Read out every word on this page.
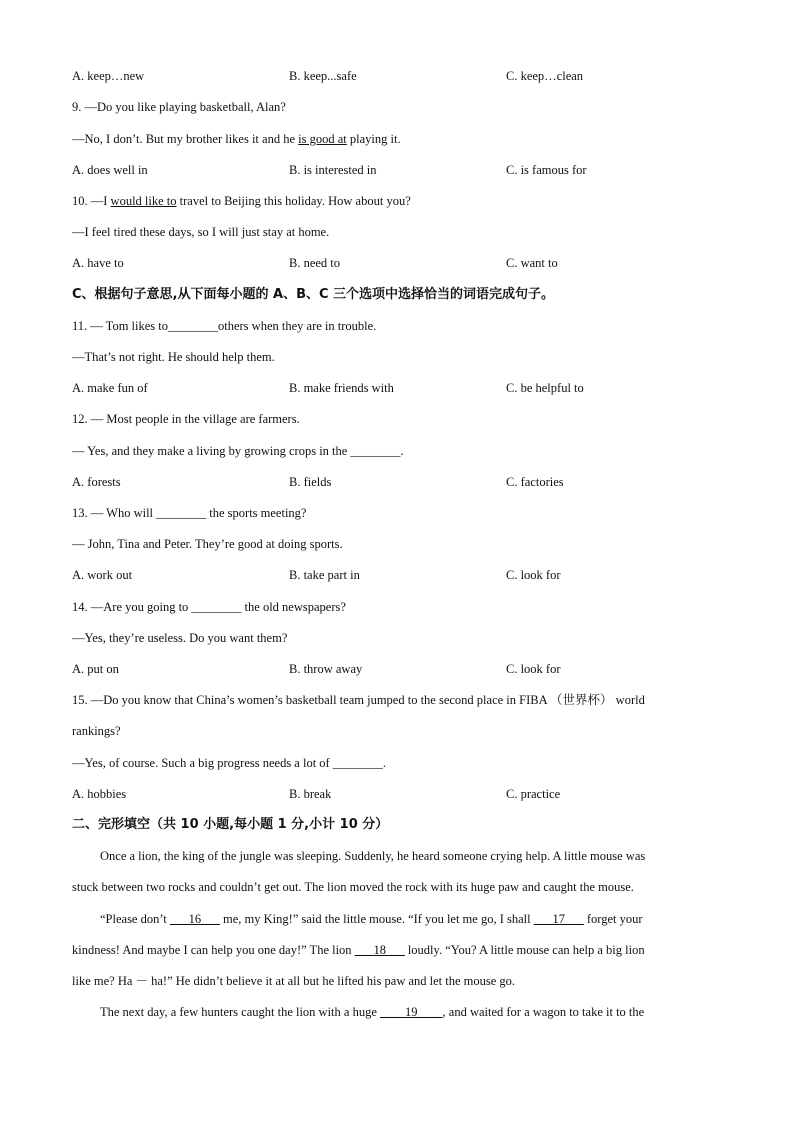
A. keep…new	B. keep...safe	C. keep…clean
9. —Do you like playing basketball, Alan?
—No, I don’t. But my brother likes it and he is good at playing it.
A. does well in	B. is interested in	C. is famous for
10. —I would like to travel to Beijing this holiday. How about you?
—I feel tired these days, so I will just stay at home.
A. have to	B. need to	C. want to
C、根据句子意思,从下面每小题的 A、B、C 三个选项中选择恰当的词语完成句子。
11. — Tom likes to________others when they are in trouble.
—That’s not right. He should help them.
A. make fun of	B. make friends with	C. be helpful to
12. — Most people in the village are farmers.
— Yes, and they make a living by growing crops in the ________.
A. forests	B. fields	C. factories
13. — Who will ________ the sports meeting?
— John, Tina and Peter. They’re good at doing sports.
A. work out	B. take part in	C. look for
14. —Are you going to ________ the old newspapers?
—Yes, they’re useless. Do you want them?
A. put on	B. throw away	C. look for
15. —Do you know that China’s women’s basketball team jumped to the second place in FIBA （世界杯） world
rankings?
—Yes, of course. Such a big progress needs a lot of ________.
A. hobbies	B. break	C. practice
二、完形填空（共 10 小题,每小题 1 分,小计 10 分）
Once a lion, the king of the jungle was sleeping. Suddenly, he heard someone crying help. A little mouse was
stuck between two rocks and couldn’t get out. The lion moved the rock with its huge paw and caught the mouse.
“Please don’t ___16___ me, my King!” said the little mouse. “If you let me go, I shall ___17___ forget your
kindness! And maybe I can help you one day!” The lion ___18___ loudly. “You? A little mouse can help a big lion
like me? Ha － ha!” He didn’t believe it at all but he lifted his paw and let the mouse go.
The next day, a few hunters caught the lion with a huge ____19____, and waited for a wagon to take it to the
